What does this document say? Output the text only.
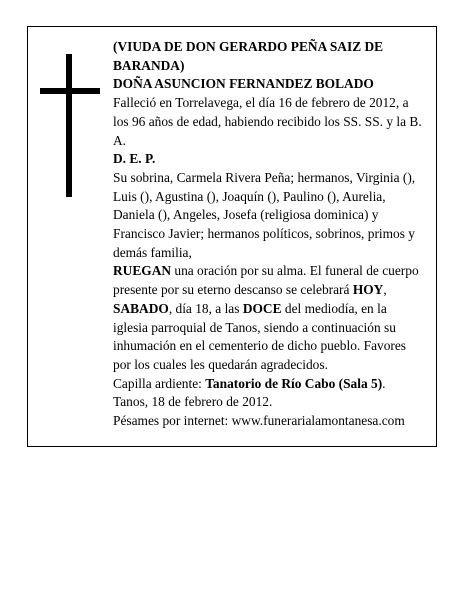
(VIUDA DE DON GERARDO PEÑA SAIZ DE BARANDA)

DOÑA ASUNCION FERNANDEZ BOLADO

Falleció en Torrelavega, el día 16 de febrero de 2012, a los 96 años de edad, habiendo recibido los SS. SS. y la B. A.

D. E. P.

Su sobrina, Carmela Rivera Peña; hermanos, Virginia (), Luis (), Agustina (), Joaquín (), Paulino (), Aurelia, Daniela (), Angeles, Josefa (religiosa dominica) y Francisco Javier; hermanos políticos, sobrinos, primos y demás familia,

RUEGAN una oración por su alma. El funeral de cuerpo presente por su eterno descanso se celebrará HOY, SABADO, día 18, a las DOCE del mediodía, en la iglesia parroquial de Tanos, siendo a continuación su inhumación en el cementerio de dicho pueblo. Favores por los cuales les quedarán agradecidos.

Capilla ardiente: Tanatorio de Río Cabo (Sala 5).

Tanos, 18 de febrero de 2012.

Pésames por internet: www.funerarialamontanesa.com
